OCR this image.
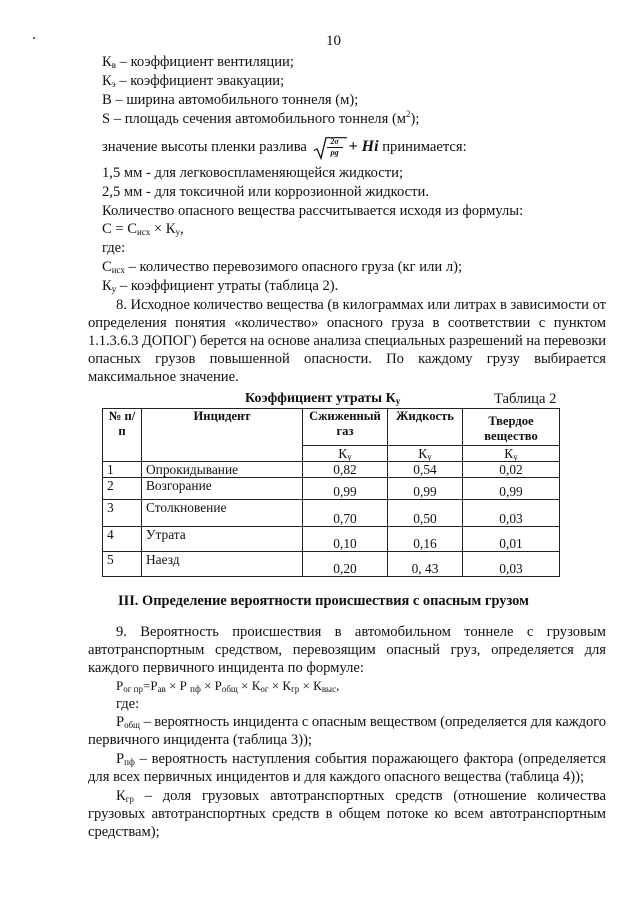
10
$К_в$ – коэффициент вентиляции;
$К_э$ – коэффициент эвакуации;
В – ширина автомобильного тоннеля (м);
S – площадь сечения автомобильного тоннеля $(м^2)$;
значение высоты пленки разлива $\frac{2\sigma}{\rho g} + Hi$ принимается:
1,5 мм - для легковоспламеняющейся жидкости;
2,5 мм - для токсичной или коррозионной жидкости.
Количество опасного вещества рассчитывается исходя из формулы:
$С = С_{исх} \times К_у$,
где:
$С_{исх}$ – количество перевозимого опасного груза (кг или л);
$К_у$ – коэффициент утраты (таблица 2).
8. Исходное количество вещества (в килограммах или литрах в зависимости от
определения понятия «количество» опасного груза в соответствии с пунктом
1.1.3.6.3 ДОПОГ) берется на основе анализа специальных разрешений на перевозки
опасных грузов повышенной опасности. По каждому грузу выбирается
максимальное значение.
Коэффициент утраты $К_у$	Таблица 2
№ п/п	Инцидент	Сжиженный газ	Жидкость	Твердое вещество
		$К_у$	$К_у$	$К_у$
1	Опрокидывание	0,82	0,54	0,02
2	Возгорание	0,99	0,99	0,99
3	Столкновение	0,70	0,50	0,03
4	Утрата	0,10	0,16	0,01
5	Наезд	0,20	0, 43	0,03
III. Определение вероятности происшествия с опасным грузом
9. Вероятность происшествия в автомобильном тоннеле с грузовым
автотранспортным средством, перевозящим опасный груз, определяется для
каждого первичного инцидента по формуле:
$Р_{ог пр}=Р_{ав} \times Р$ $_{пф} \times Р_{общ} \times К_{ог} \times К_{гр} \times К_{выс}$,
где:
$Р_{общ}$ – вероятность инцидента с опасным веществом (определяется для каждого
первичного инцидента (таблица 3));
$Р_{пф}$ – вероятность наступления события поражающего фактора (определяется
для всех первичных инцидентов и для каждого опасного вещества (таблица 4));
$К_{гр}$ – доля грузовых автотранспортных средств (отношение количества
грузовых автотранспортных средств в общем потоке ко всем автотранспортным
средствам);
